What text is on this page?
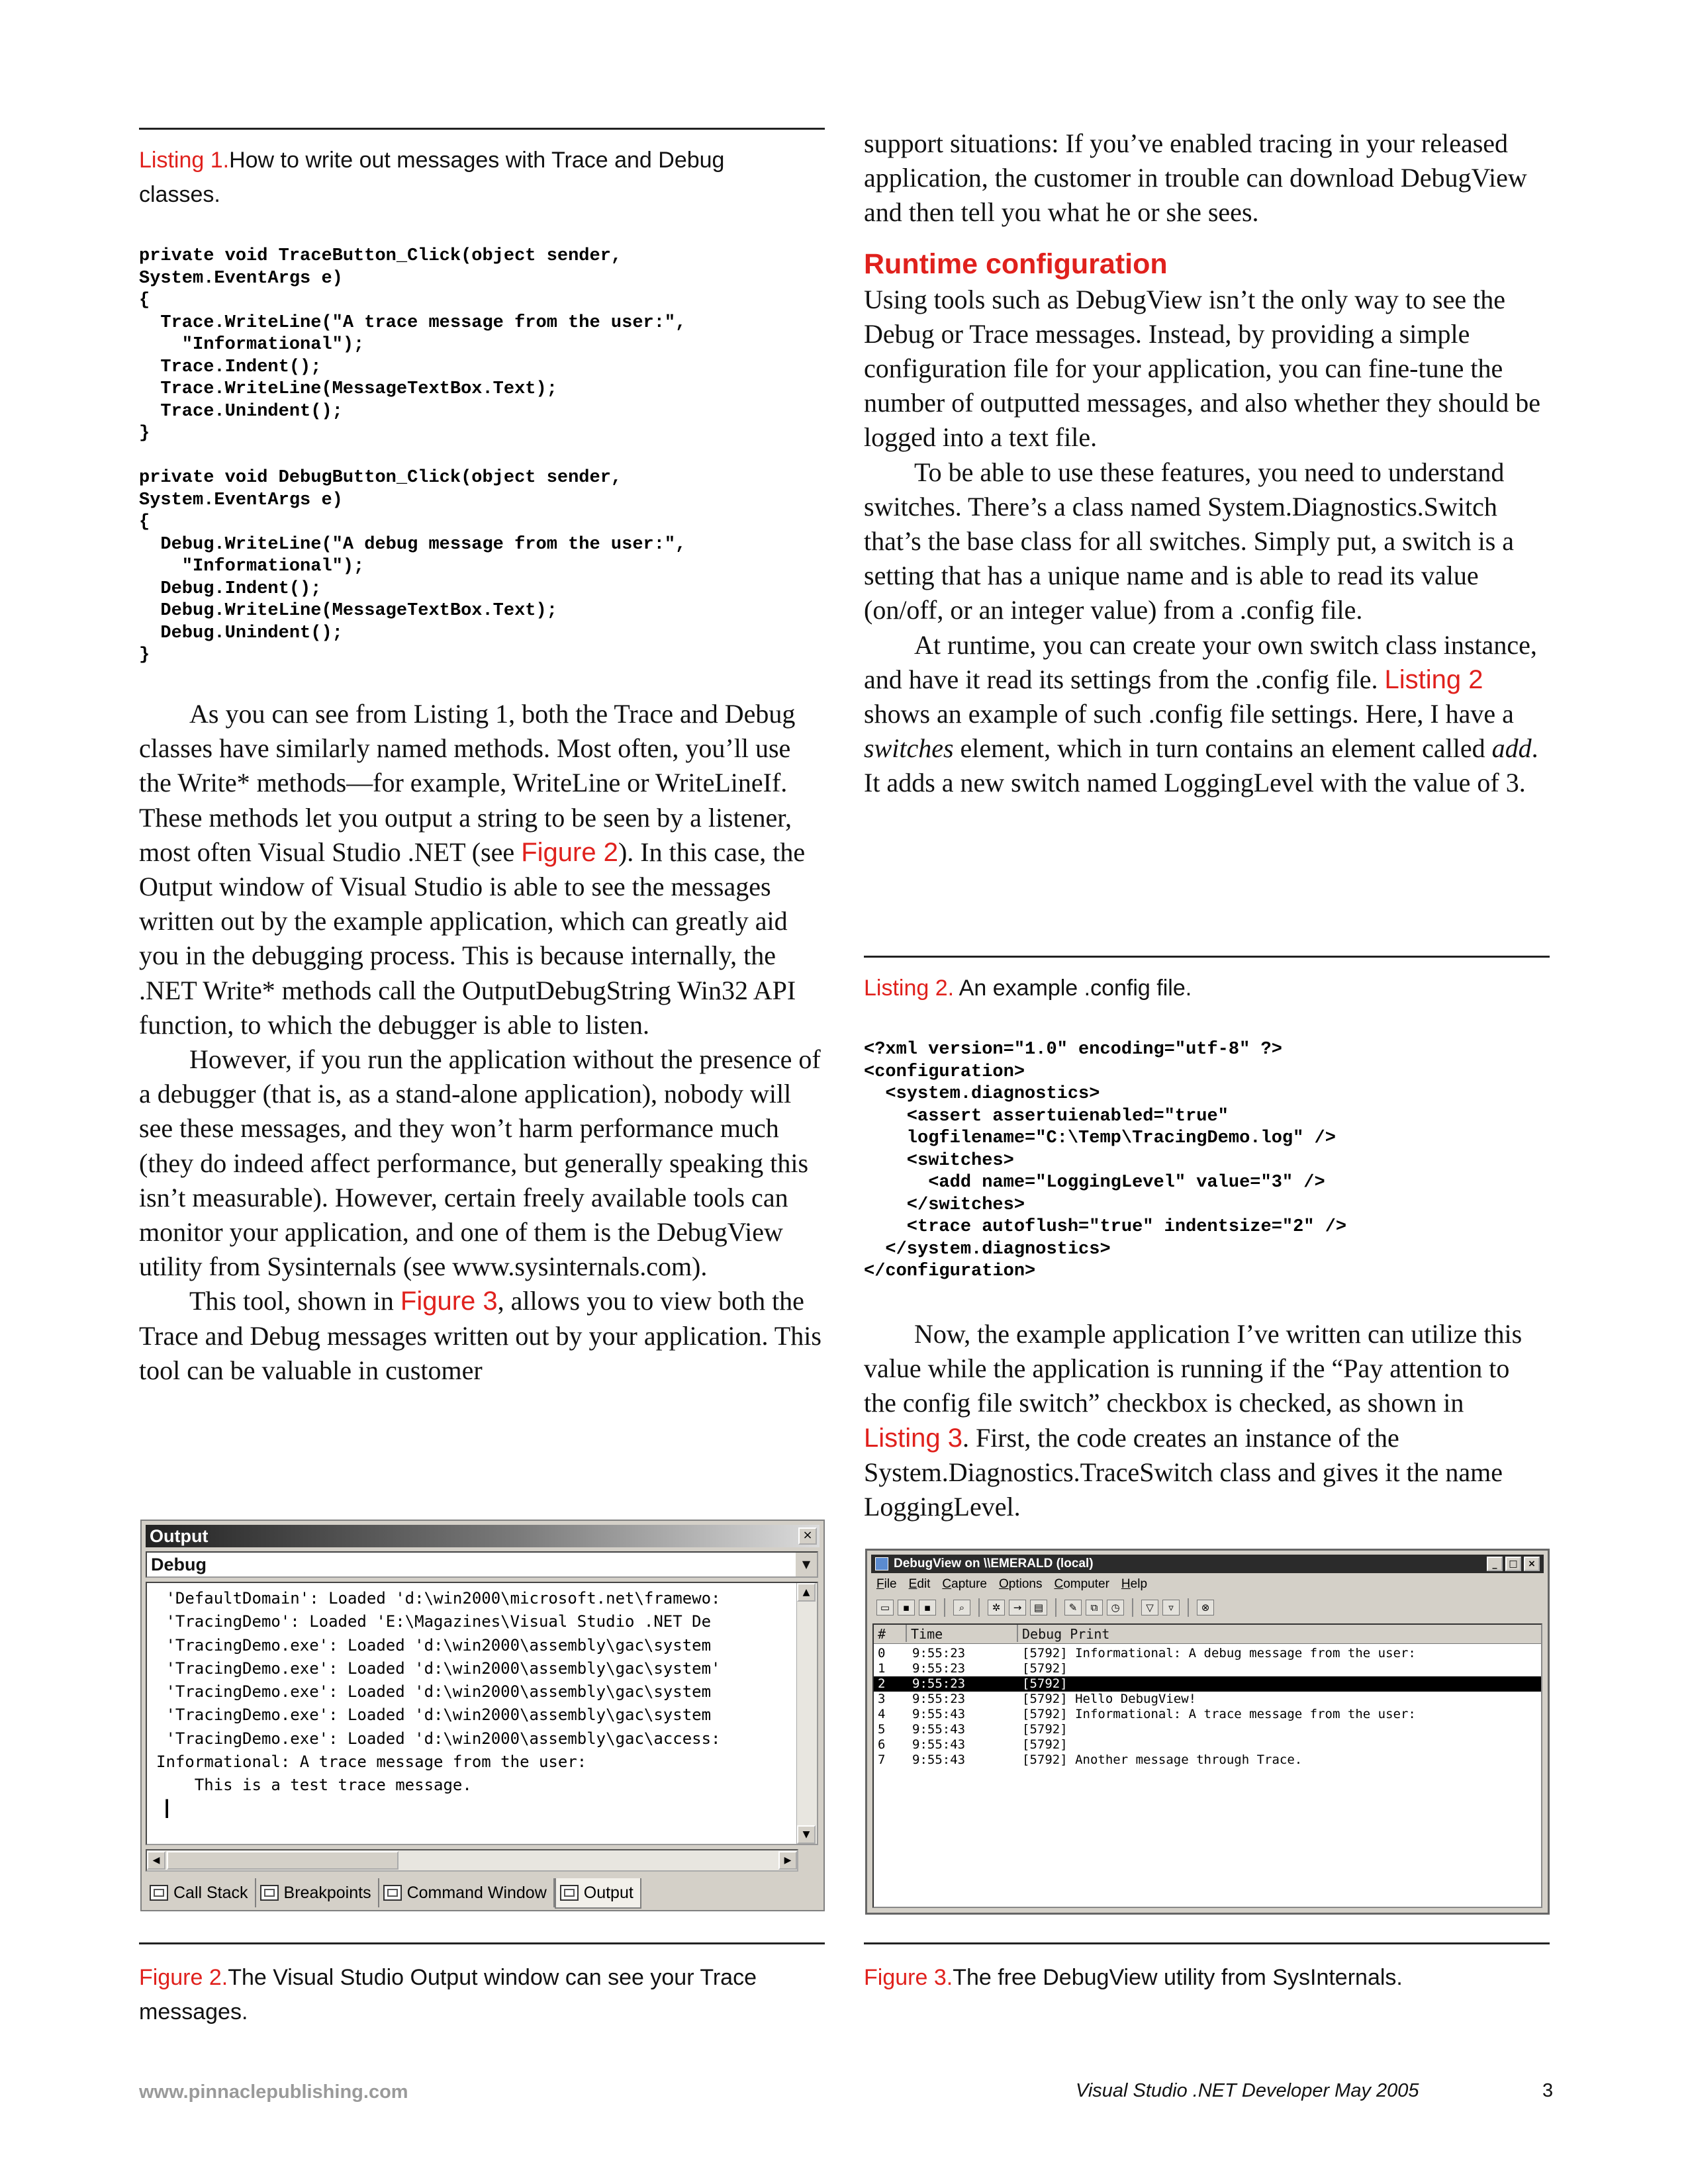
Listing 1.How to write out messages with Trace and Debug classes.
private void TraceButton_Click(object sender,
System.EventArgs e)
{
Trace.WriteLine("A trace message from the user:",
"Informational");
Trace.Indent();
Trace.WriteLine(MessageTextBox.Text);
Trace.Unindent();
}

private void DebugButton_Click(object sender,
System.EventArgs e)
{
Debug.WriteLine("A debug message from the user:",
"Informational");
Debug.Indent();
Debug.WriteLine(MessageTextBox.Text);
Debug.Unindent();
}

As you can see from Listing 1, both the Trace and Debug classes have similarly named methods. Most often, you’ll use the Write* methods—for example, WriteLine or WriteLineIf. These methods let you output a string to be seen by a listener, most often Visual Studio .NET (see Figure 2). In this case, the Output window of Visual Studio is able to see the messages written out by the example application, which can greatly aid you in the debugging process. This is because internally, the .NET Write* methods call the OutputDebugString Win32 API function, to which the debugger is able to listen.

However, if you run the application without the presence of a debugger (that is, as a stand-alone application), nobody will see these messages, and they won’t harm performance much (they do indeed affect performance, but generally speaking this isn’t measurable). However, certain freely available tools can monitor your application, and one of them is the DebugView utility from Sysinternals (see www.sysinternals.com).

This tool, shown in Figure 3, allows you to view both the Trace and Debug messages written out by your application. This tool can be valuable in customer

Output	×
Debug	▼
'DefaultDomain': Loaded 'd:\win2000\microsoft.net\framewo:
'TracingDemo': Loaded 'E:\Magazines\Visual Studio .NET De
'TracingDemo.exe': Loaded 'd:\win2000\assembly\gac\system
'TracingDemo.exe': Loaded 'd:\win2000\assembly\gac\system'
'TracingDemo.exe': Loaded 'd:\win2000\assembly\gac\system
'TracingDemo.exe': Loaded 'd:\win2000\assembly\gac\system
'TracingDemo.exe': Loaded 'd:\win2000\assembly\gac\access:
Informational: A trace message from the user:
This is a test trace message.
▎
▲
▼
◀	▶
Call Stack Breakpoints Command Window Output
Figure 2.The Visual Studio Output window can see your Trace messages.

support situations: If you’ve enabled tracing in your released application, the customer in trouble can download DebugView and then tell you what he or she sees.

Runtime configuration

Using tools such as DebugView isn’t the only way to see the Debug or Trace messages. Instead, by providing a simple configuration file for your application, you can fine-tune the number of outputted messages, and also whether they should be logged into a text file.

To be able to use these features, you need to understand switches. There’s a class named System.Diagnostics.Switch that’s the base class for all switches. Simply put, a switch is a setting that has a unique name and is able to read its value (on/off, or an integer value) from a .config file.

At runtime, you can create your own switch class instance, and have it read its settings from the .config file. Listing 2 shows an example of such .config file settings. Here, I have a switches element, which in turn contains an element called add. It adds a new switch named LoggingLevel with the value of 3.

Listing 2. An example .config file.
<?xml version="1.0" encoding="utf-8" ?>
<configuration>
<system.diagnostics>
<assert assertuienabled="true"
logfilename="C:\Temp\TracingDemo.log" />
<switches>
<add name="LoggingLevel" value="3" />
</switches>
<trace autoflush="true" indentsize="2" />
</system.diagnostics>
</configuration>

Now, the example application I’ve written can utilize this value while the application is running if the “Pay attention to the config file switch” checkbox is checked, as shown in Listing 3. First, the code creates an instance of the System.Diagnostics.TraceSwitch class and gives it the name LoggingLevel.

DebugView on \\EMERALD (local)	_	□	×
File Edit Capture Options Computer Help
▭	▪	▪	⌕	✲	→	▤	✎	⧉	◷	▽	▿	⊗
#	Time	Debug Print
0 9:55:23	[5792] Informational: A debug message from the user:
1 9:55:23	[5792]
2 9:55:23	[5792]
3 9:55:23	[5792] Hello DebugView!
4 9:55:43	[5792] Informational: A trace message from the user:
5 9:55:43	[5792]
6 9:55:43	[5792]
7 9:55:43	[5792] Another message through Trace.
Figure 3.The free DebugView utility from SysInternals.
www.pinnaclepublishing.com	Visual Studio .NET Developer May 2005	3
